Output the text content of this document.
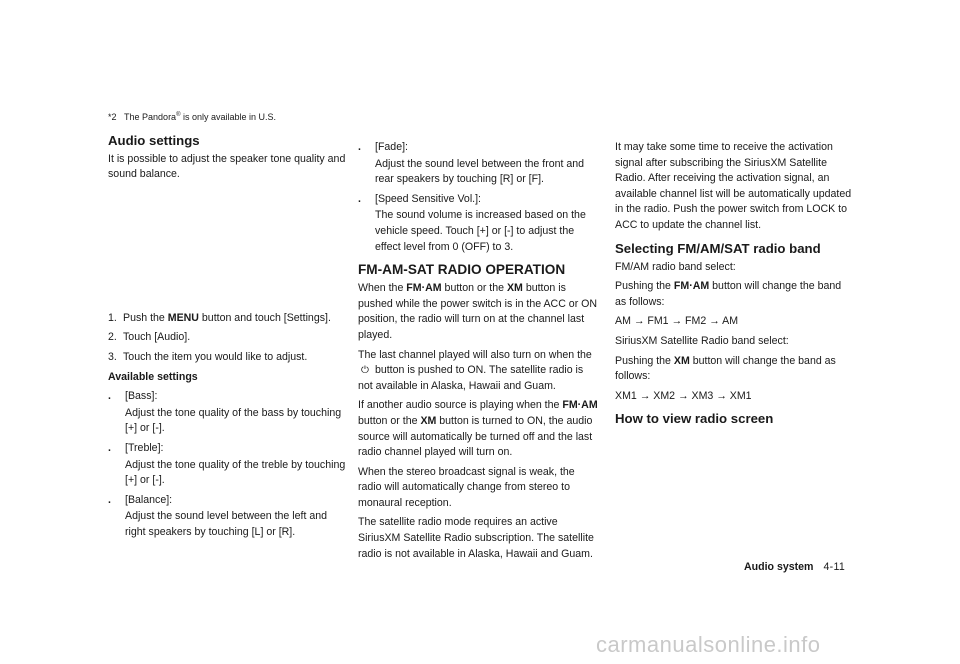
*2 The Pandora® is only available in U.S.

Audio settings

It is possible to adjust the speaker tone quality and sound balance.

1. Push the MENU button and touch [Settings].
2. Touch [Audio].
3. Touch the item you would like to adjust.

Available settings

.	[Bass]:

Adjust the tone quality of the bass by touching [+] or [-].

.	[Treble]:

Adjust the tone quality of the treble by touching [+] or [-].

.	[Balance]:

Adjust the sound level between the left and right speakers by touching [L] or [R].

.	[Fade]:

Adjust the sound level between the front and rear speakers by touching [R] or [F].

.	[Speed Sensitive Vol.]:

The sound volume is increased based on the vehicle speed. Touch [+] or [-] to adjust the effect level from 0 (OFF) to 3.

FM-AM-SAT RADIO OPERATION

When the FM·AM button or the XM button is pushed while the power switch is in the ACC or ON position, the radio will turn on at the channel last played.

The last channel played will also turn on when the ⏻ button is pushed to ON. The satellite radio is not available in Alaska, Hawaii and Guam.

If another audio source is playing when the FM·AM button or the XM button is turned to ON, the audio source will automatically be turned off and the last radio channel played will turn on.

When the stereo broadcast signal is weak, the radio will automatically change from stereo to monaural reception.

The satellite radio mode requires an active SiriusXM Satellite Radio subscription. The satellite radio is not available in Alaska, Hawaii and Guam.

It may take some time to receive the activation signal after subscribing the SiriusXM Satellite Radio. After receiving the activation signal, an available channel list will be automatically updated in the radio. Push the power switch from LOCK to ACC to update the channel list.

Selecting FM/AM/SAT radio band

FM/AM radio band select:

Pushing the FM·AM button will change the band as follows:

AM → FM1 → FM2 → AM

SiriusXM Satellite Radio band select:

Pushing the XM button will change the band as follows:

XM1 → XM2 → XM3 → XM1

How to view radio screen
Audio system 4-11
carmanualsonline.info
